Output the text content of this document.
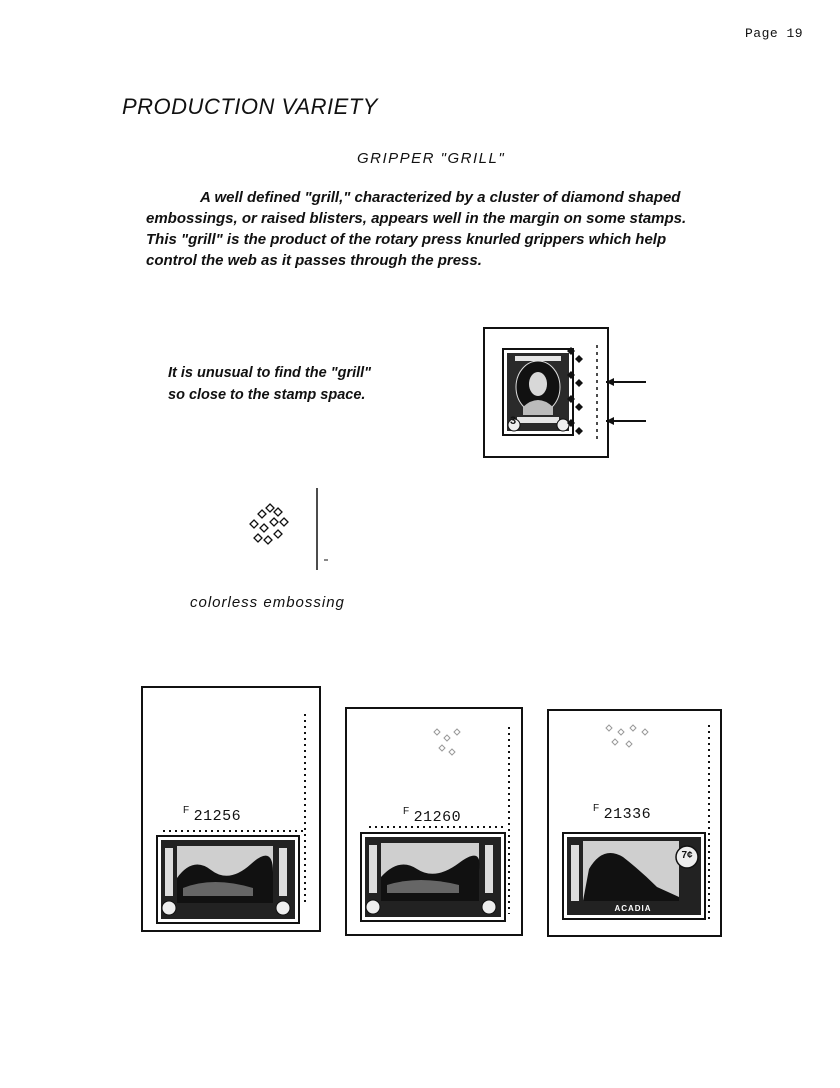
Page 19
PRODUCTION VARIETY
GRIPPER "GRILL"
A well defined "grill," characterized by a cluster of diamond shaped
embossings, or raised blisters, appears well in the margin on some stamps.
This "grill" is the product of the rotary press knurled grippers which help
control the web as it passes through the press.
It is unusual to find the "grill"
so close to the stamp space.
3
colorless embossing
$^F$ 21256	$^F$ 21260
$^F$ 21336
7¢
ACADIA
